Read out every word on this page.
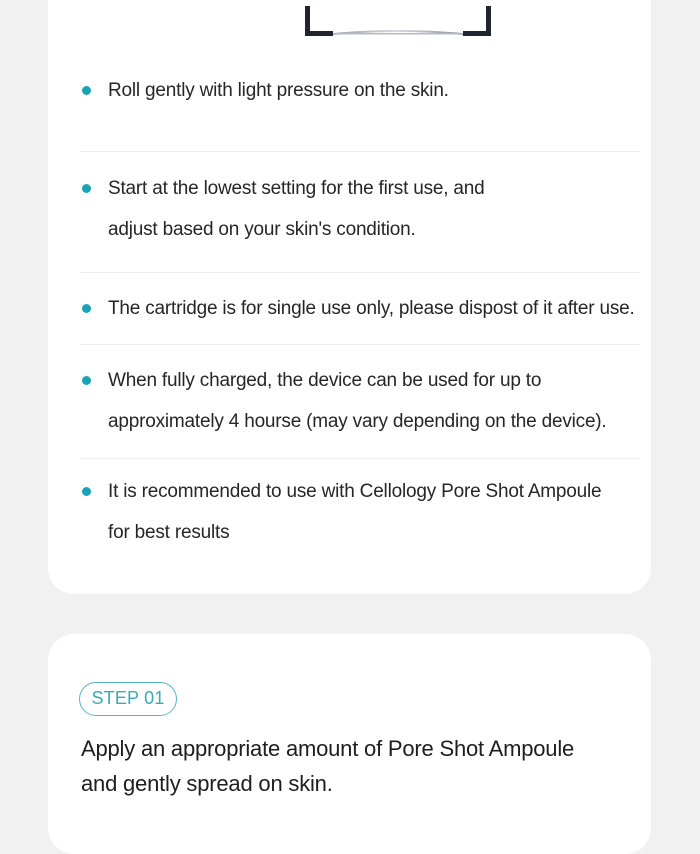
Roll gently with light pressure on the skin.
Start at the lowest setting for the first use, and
adjust based on your skin's condition.
The cartridge is for single use only, please dispost of it after use.
When fully charged, the device can be used for up to
approximately 4 hourse (may vary depending on the device).
It is recommended to use with Cellology Pore Shot Ampoule
for best results
STEP 01
Apply an appropriate amount of Pore Shot Ampoule
and gently spread on skin.
